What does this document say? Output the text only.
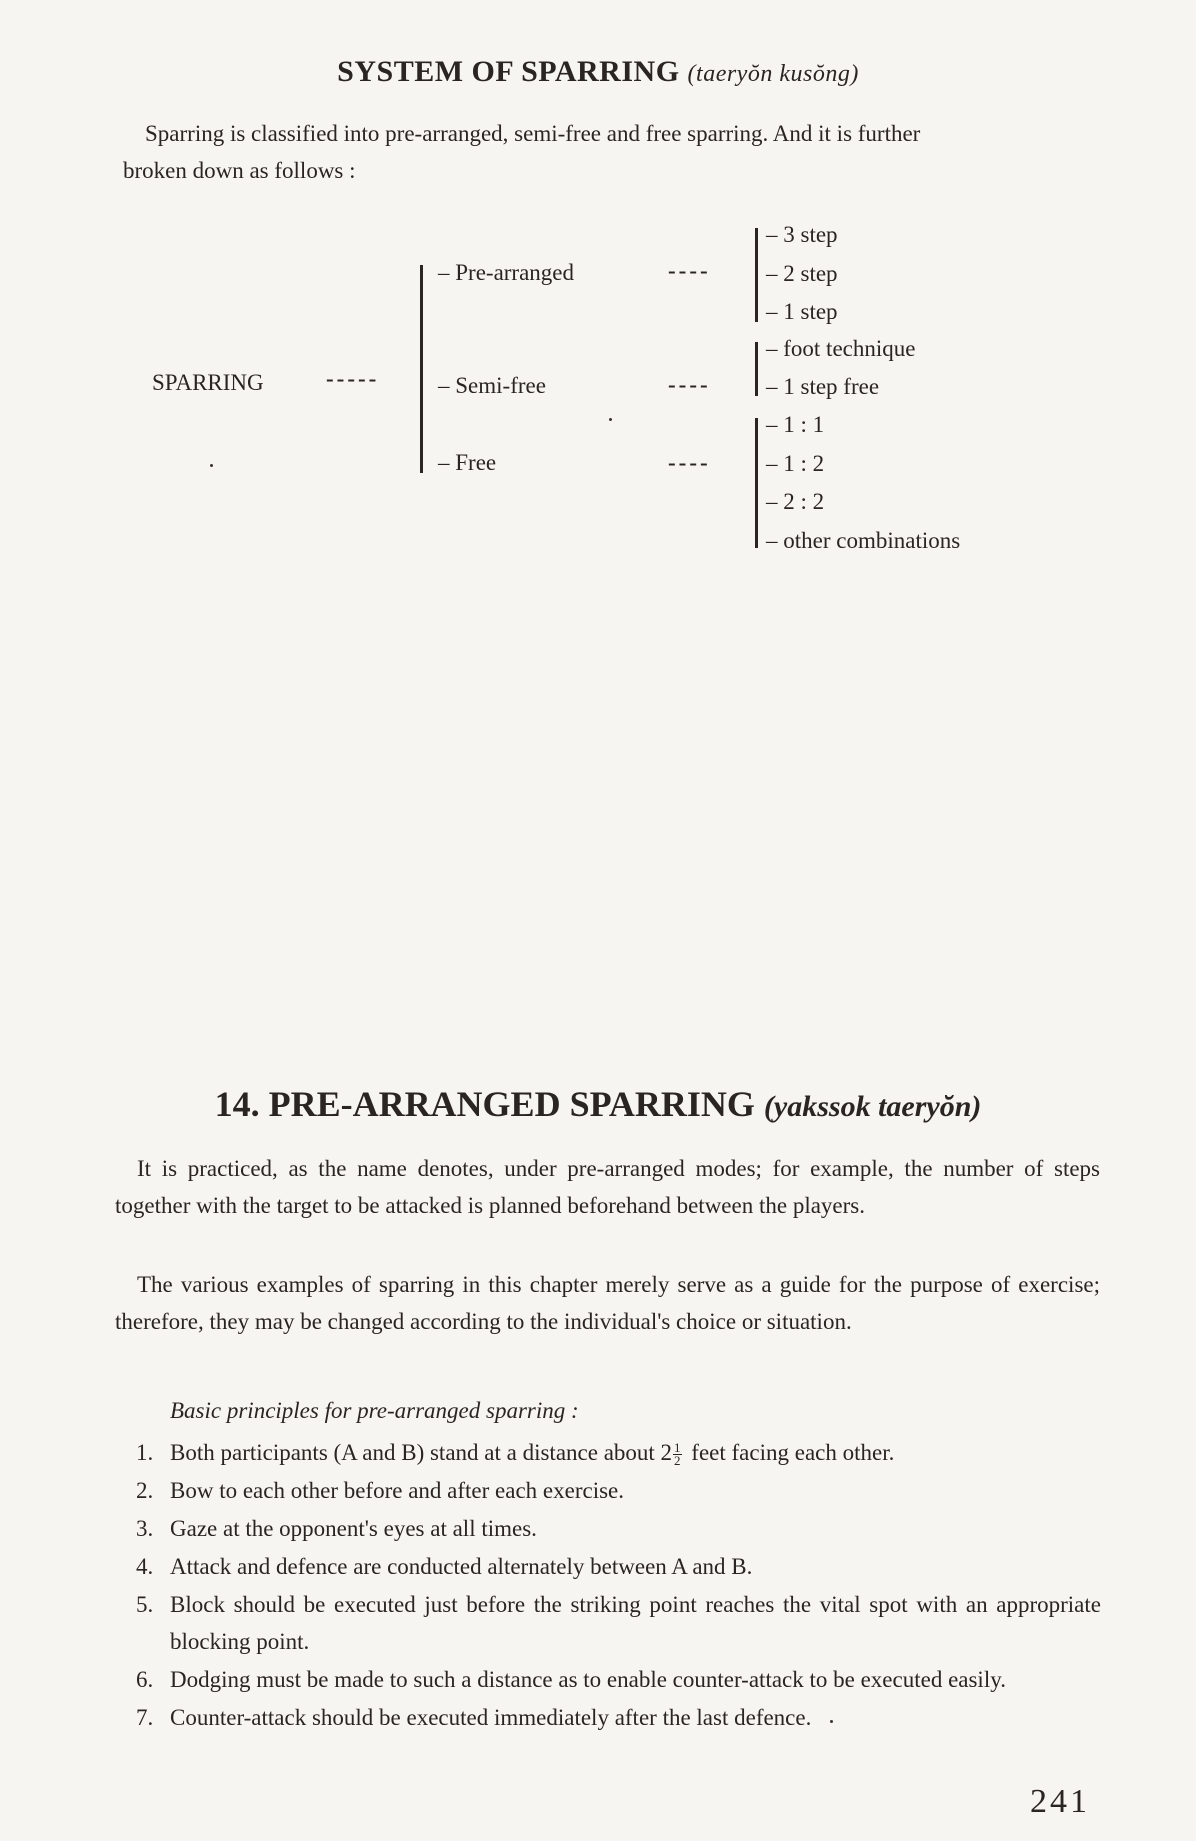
SYSTEM OF SPARRING (taeryŏn kusŏng)
Sparring is classified into pre-arranged, semi-free and free sparring. And it is further
broken down as follows :
SPARRING	-----
– Pre-arranged	----
– Semi-free	----
– Free	----
– 3 step
– 2 step
– 1 step
– foot technique
– 1 step free
– 1 : 1
– 1 : 2
– 2 : 2
– other combinations
14. PRE-ARRANGED SPARRING (yakssok taeryŏn)

It is practiced, as the name denotes, under pre-arranged modes; for example, the number of steps together with the target to be attacked is planned beforehand between the players.

The various examples of sparring in this chapter merely serve as a guide for the purpose of exercise; therefore, they may be changed according to the individual's choice or situation.

Basic principles for pre-arranged sparring :
1. Both participants (A and B) stand at a distance about $2 \frac{1}{2}$ feet facing each other.
2. Bow to each other before and after each exercise.
3. Gaze at the opponent's eyes at all times.
4. Attack and defence are conducted alternately between A and B.
5. Block should be executed just before the striking point reaches the vital spot with an appropriate blocking point.
6. Dodging must be made to such a distance as to enable counter-attack to be executed easily.
7. Counter-attack should be executed immediately after the last defence.
241
